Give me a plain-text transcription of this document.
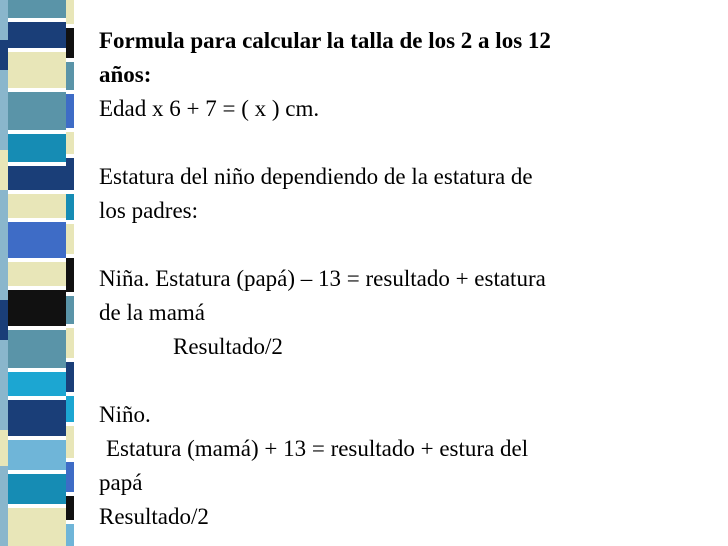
Formula para calcular la talla de los 2 a los 12
años:
Edad x 6 + 7 = ( x ) cm.
Estatura del niño dependiendo de la estatura de
los padres:
Niña. Estatura (papá) – 13 = resultado + estatura
de la mamá
Resultado/2
Niño.
Estatura (mamá) + 13 = resultado + estura del
papá
Resultado/2
